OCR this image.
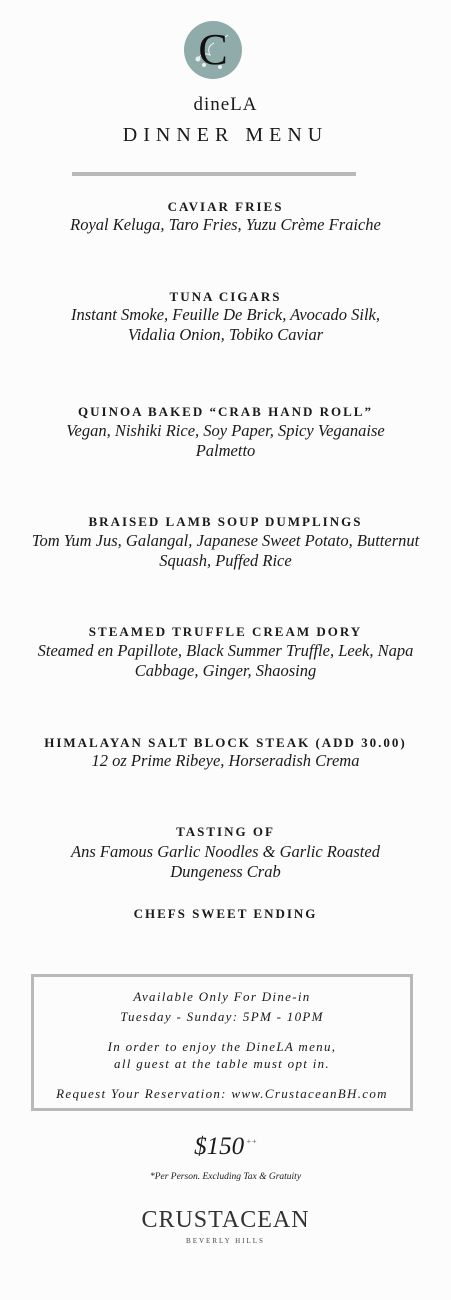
C
dineLA
DINNER MENU
CAVIAR FRIES
Royal Keluga, Taro Fries, Yuzu Crème Fraiche
TUNA CIGARS
Instant Smoke, Feuille De Brick, Avocado Silk,
Vidalia Onion, Tobiko Caviar
QUINOA BAKED “CRAB HAND ROLL”
Vegan, Nishiki Rice, Soy Paper, Spicy Veganaise
Palmetto
BRAISED LAMB SOUP DUMPLINGS
Tom Yum Jus, Galangal, Japanese Sweet Potato, Butternut
Squash, Puffed Rice
STEAMED TRUFFLE CREAM DORY
Steamed en Papillote, Black Summer Truffle, Leek, Napa
Cabbage, Ginger, Shaosing
HIMALAYAN SALT BLOCK STEAK (ADD 30.00)
12 oz Prime Ribeye, Horseradish Crema
TASTING OF
Ans Famous Garlic Noodles & Garlic Roasted
Dungeness Crab
CHEFS SWEET ENDING
Available Only For Dine-in
Tuesday - Sunday: 5PM - 10PM
In order to enjoy the DineLA menu,
all guest at the table must opt in.
Request Your Reservation: www.CrustaceanBH.com
$150 ++
*Per Person. Excluding Tax & Gratuity
CRUSTACEAN
BEVERLY HILLS
